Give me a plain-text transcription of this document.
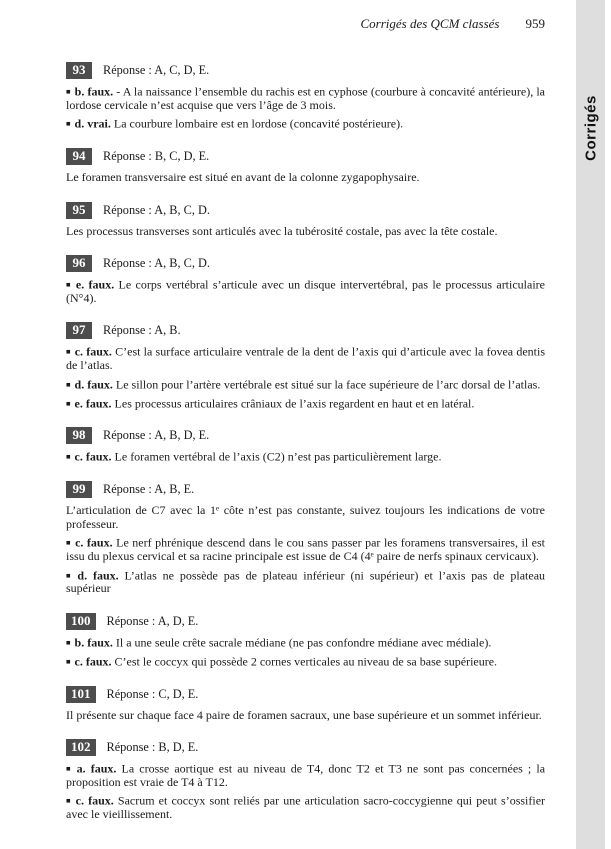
Corrigés des QCM classés 959
Corrigés
93	Réponse : A, C, D, E.

■ b. faux. - A la naissance l’ensemble du rachis est en cyphose (courbure à concavité antérieure), la lordose cervicale n’est acquise que vers l’âge de 3 mois.

■ d. vrai. La courbure lombaire est en lordose (concavité postérieure).

94	Réponse : B, C, D, E.

Le foramen transversaire est situé en avant de la colonne zygapophysaire.

95	Réponse : A, B, C, D.

Les processus transverses sont articulés avec la tubérosité costale, pas avec la tête costale.

96	Réponse : A, B, C, D.

■ e. faux. Le corps vertébral s’articule avec un disque intervertébral, pas le processus articulaire (N°4).

97	Réponse : A, B.

■ c. faux. C’est la surface articulaire ventrale de la dent de l’axis qui d’articule avec la fovea dentis de l’atlas.

■ d. faux. Le sillon pour l’artère vertébrale est situé sur la face supérieure de l’arc dorsal de l’atlas.

■ e. faux. Les processus articulaires crâniaux de l’axis regardent en haut et en latéral.

98	Réponse : A, B, D, E.

■ c. faux. Le foramen vertébral de l’axis (C2) n’est pas particulièrement large.

99	Réponse : A, B, E.

L’articulation de C7 avec la 1ᵉ côte n’est pas constante, suivez toujours les indications de votre professeur.

■ c. faux. Le nerf phrénique descend dans le cou sans passer par les foramens transversaires, il est issu du plexus cervical et sa racine principale est issue de C4 (4ᵉ paire de nerfs spinaux cervicaux).

■ d. faux. L’atlas ne possède pas de plateau inférieur (ni supérieur) et l’axis pas de plateau supérieur

100	Réponse : A, D, E.

■ b. faux. Il a une seule crête sacrale médiane (ne pas confondre médiane avec médiale).

■ c. faux. C’est le coccyx qui possède 2 cornes verticales au niveau de sa base supérieure.

101	Réponse : C, D, E.

Il présente sur chaque face 4 paire de foramen sacraux, une base supérieure et un sommet inférieur.

102	Réponse : B, D, E.

■ a. faux. La crosse aortique est au niveau de T4, donc T2 et T3 ne sont pas concernées ; la proposition est vraie de T4 à T12.

■ c. faux. Sacrum et coccyx sont reliés par une articulation sacro-coccygienne qui peut s’ossifier avec le vieillissement.
